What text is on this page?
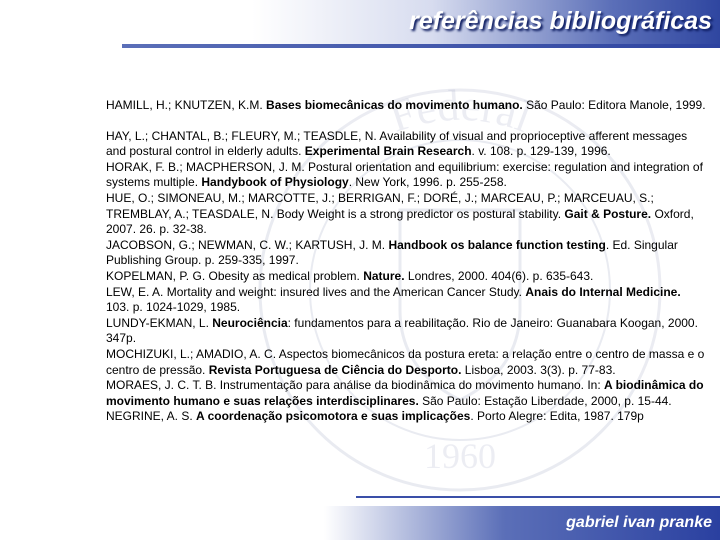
referências bibliográficas
Federal
1960

HAMILL, H.; KNUTZEN, K.M. Bases biomecânicas do movimento humano. São Paulo: Editora Manole, 1999.

HAY, L.; CHANTAL, B.; FLEURY, M.; TEASDLE, N. Availability of visual and proprioceptive afferent messages and postural control in elderly adults. Experimental Brain Research. v. 108. p. 129-139, 1996.

HORAK, F. B.; MACPHERSON, J. M. Postural orientation and equilibrium: exercise: regulation and integration of systems multiple. Handybook of Physiology. New York, 1996. p. 255-258.

HUE, O.; SIMONEAU, M.; MARCOTTE, J.; BERRIGAN, F.; DORÉ, J.; MARCEAU, P.; MARCEUAU, S.; TREMBLAY, A.; TEASDALE, N. Body Weight is a strong predictor os postural stability. Gait & Posture. Oxford, 2007. 26. p. 32-38.

JACOBSON, G.; NEWMAN, C. W.; KARTUSH, J. M. Handbook os balance function testing. Ed. Singular Publishing Group. p. 259-335, 1997.

KOPELMAN, P. G. Obesity as medical problem. Nature. Londres, 2000. 404(6). p. 635-643.

LEW, E. A. Mortality and weight: insured lives and the American Cancer Study. Anais do Internal Medicine. 103. p. 1024-1029, 1985.

LUNDY-EKMAN, L. Neurociência: fundamentos para a reabilitação. Rio de Janeiro: Guanabara Koogan, 2000. 347p.

MOCHIZUKI, L.; AMADIO, A. C. Aspectos biomecânicos da postura ereta: a relação entre o centro de massa e o centro de pressão. Revista Portuguesa de Ciência do Desporto. Lisboa, 2003. 3(3). p. 77-83.

MORAES, J. C. T. B. Instrumentação para análise da biodinâmica do movimento humano. In: A biodinâmica do movimento humano e suas relações interdisciplinares. São Paulo: Estação Liberdade, 2000, p. 15-44.

NEGRINE, A. S. A coordenação psicomotora e suas implicações. Porto Alegre: Edita, 1987. 179p

gabriel ivan pranke
